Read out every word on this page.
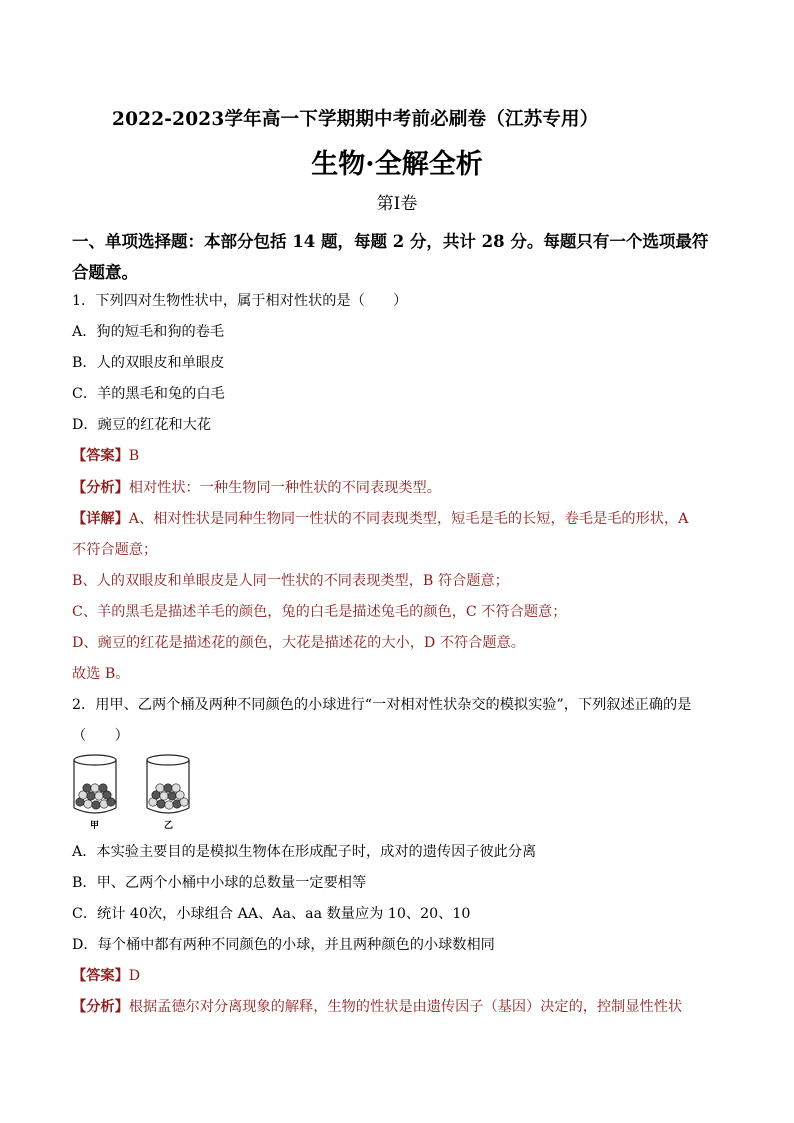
2022-2023学年高一下学期期中考前必刷卷（江苏专用）
生物·全解全析
第Ⅰ卷
一、单项选择题：本部分包括 14 题，每题 2 分，共计 28 分。每题只有一个选项最符
合题意。
1．下列四对生物性状中，属于相对性状的是（　　）
A．狗的短毛和狗的卷毛
B．人的双眼皮和单眼皮
C．羊的黑毛和兔的白毛
D．豌豆的红花和大花
【答案】B
【分析】相对性状：一种生物同一种性状的不同表现类型。
【详解】A、相对性状是同种生物同一性状的不同表现类型，短毛是毛的长短，卷毛是毛的形状，A
不符合题意；
B、人的双眼皮和单眼皮是人同一性状的不同表现类型，B 符合题意；
C、羊的黑毛是描述羊毛的颜色，兔的白毛是描述兔毛的颜色，C 不符合题意；
D、豌豆的红花是描述花的颜色，大花是描述花的大小，D 不符合题意。
故选 B。
2．用甲、乙两个桶及两种不同颜色的小球进行“一对相对性状杂交的模拟实验”，下列叙述正确的是
（　　）
甲	乙
A．本实验主要目的是模拟生物体在形成配子时，成对的遗传因子彼此分离
B．甲、乙两个小桶中小球的总数量一定要相等
C．统计 40次，小球组合 AA、Aa、aa 数量应为 10、20、10
D．每个桶中都有两种不同颜色的小球，并且两种颜色的小球数相同
【答案】D
【分析】根据孟德尔对分离现象的解释，生物的性状是由遗传因子（基因）决定的，控制显性性状
